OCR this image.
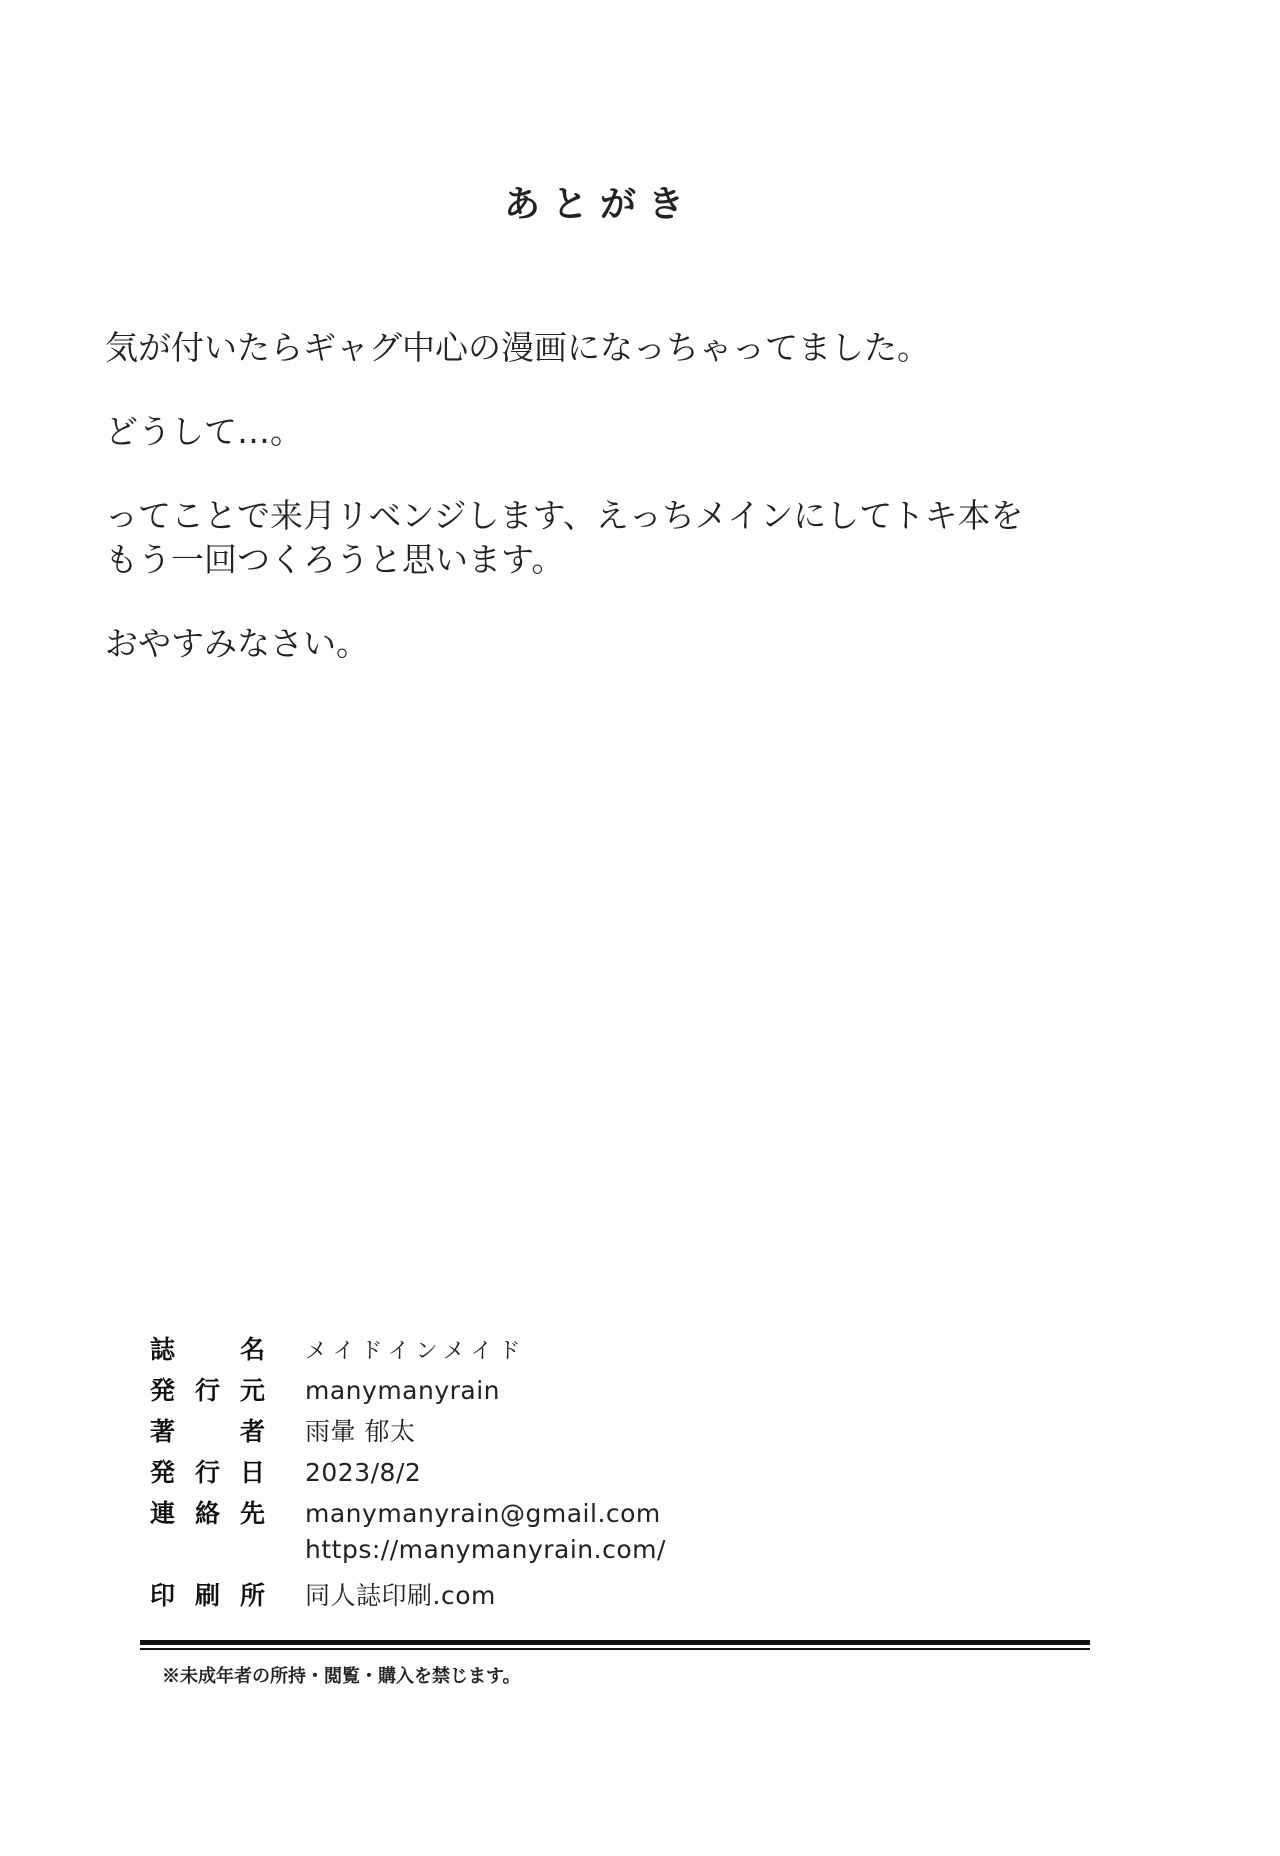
あとがき
気が付いたらギャグ中心の漫画になっちゃってました。
どうして…。
ってことで来月リベンジします、えっちメインにしてトキ本を
もう一回つくろうと思います。
おやすみなさい。
誌名 メイドインメイド
発行元 manymanyrain
著者 雨暈 郁太
発行日 2023/8/2
連絡先 manymanyrain@gmail.com
https://manymanyrain.com/
印刷所 同人誌印刷.com
※未成年者の所持・閲覧・購入を禁じます。
